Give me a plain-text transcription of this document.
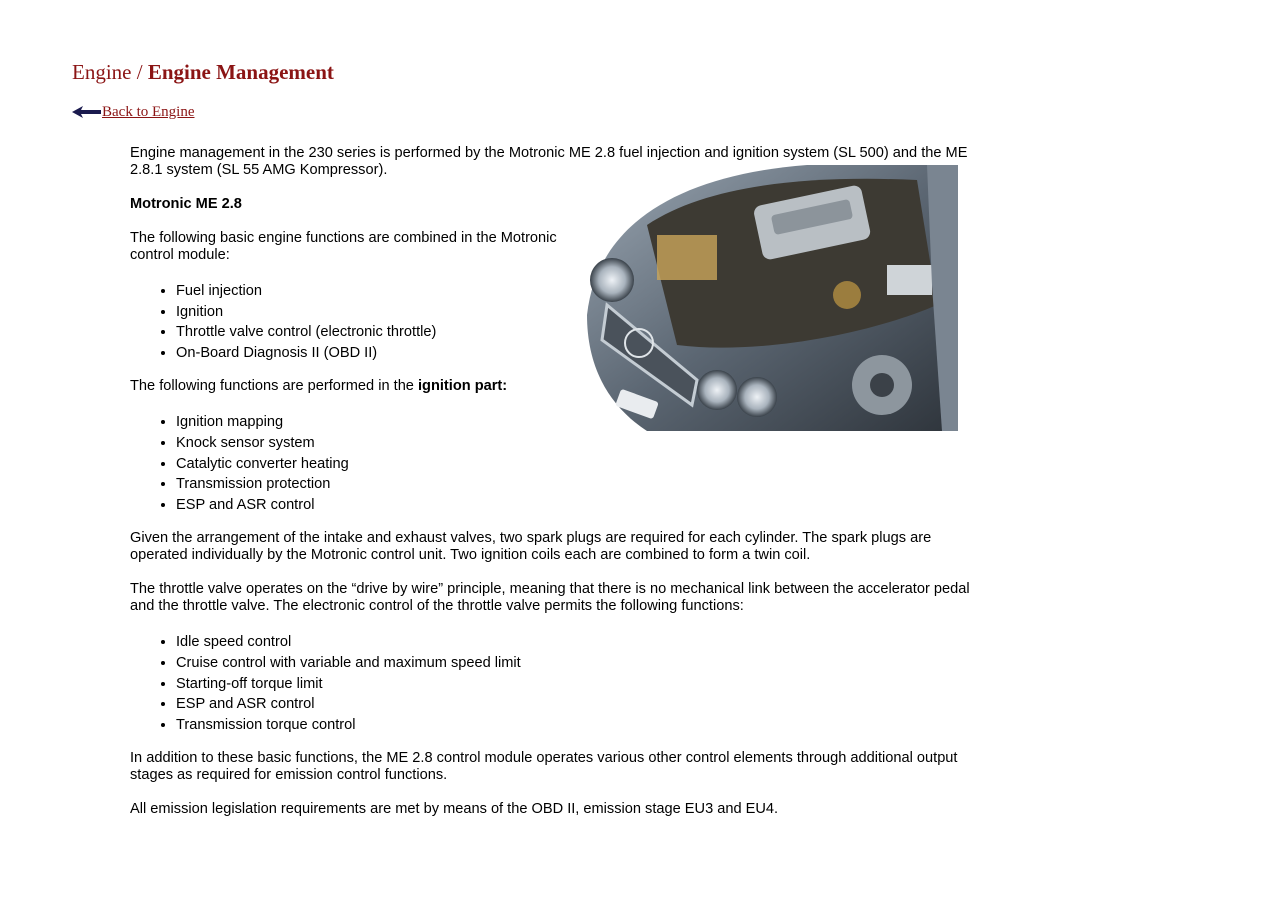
Engine / Engine Management
Back to Engine

Engine management in the 230 series is performed by the Motronic ME 2.8 fuel injection and ignition system (SL 500) and the ME 2.8.1 system (SL 55 AMG Kompressor).

Motronic ME 2.8

The following basic engine functions are combined in the Motronic control module:

• Fuel injection
• Ignition
• Throttle valve control (electronic throttle)
• On-Board Diagnosis II (OBD II)

The following functions are performed in the ignition part:

• Ignition mapping
• Knock sensor system
• Catalytic converter heating
• Transmission protection
• ESP and ASR control

Given the arrangement of the intake and exhaust valves, two spark plugs are required for each cylinder. The spark plugs are operated individually by the Motronic control unit. Two ignition coils each are combined to form a twin coil.

The throttle valve operates on the “drive by wire” principle, meaning that there is no mechanical link between the accelerator pedal and the throttle valve. The electronic control of the throttle valve permits the following functions:

• Idle speed control
• Cruise control with variable and maximum speed limit
• Starting-off torque limit
• ESP and ASR control
• Transmission torque control

In addition to these basic functions, the ME 2.8 control module operates various other control elements through additional output stages as required for emission control functions.

All emission legislation requirements are met by means of the OBD II, emission stage EU3 and EU4.
